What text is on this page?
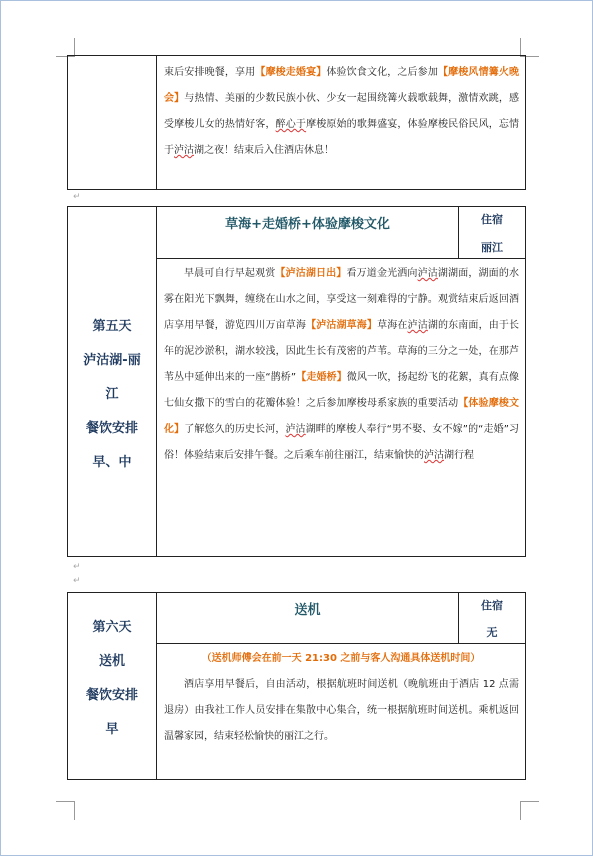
束后安排晚餐，享用【摩梭走婚宴】体验饮食文化，之后参加【摩梭风情篝火晚会】与热情、美丽的少数民族小伙、少女一起围绕篝火载歌载舞，激情欢跳，感受摩梭儿女的热情好客，醉心于摩梭原始的歌舞盛宴，体验摩梭民俗民风，忘情于泸沽湖之夜！结束后入住酒店休息！
↵
第五天
泸沽湖-丽
江
餐饮安排
早、中

草海+走婚桥+体验摩梭文化	住宿
丽江

早晨可自行早起观赏【泸沽湖日出】看万道金光洒向泸沽湖湖面，湖面的水雾在阳光下飘舞，缠绕在山水之间，享受这一刻难得的宁静。观赏结束后返回酒店享用早餐，游览四川万亩草海【泸沽湖草海】草海在泸沽湖的东南面，由于长年的泥沙淤积，湖水较浅，因此生长有茂密的芦苇。草海的三分之一处，在那芦苇丛中延伸出来的一座“鹊桥”【走婚桥】微风一吹，扬起纷飞的花絮，真有点像七仙女撒下的雪白的花瓣体验！之后参加摩梭母系家族的重要活动【体验摩梭文化】了解悠久的历史长河，泸沽湖畔的摩梭人奉行“男不娶、女不嫁”的“走婚”习俗！体验结束后安排午餐。之后乘车前往丽江，结束愉快的泸沽湖行程
↵
↵
第六天
送机
餐饮安排
早

送机	住宿
无

（送机师傅会在前一天 21:30 之前与客人沟通具体送机时间）
酒店享用早餐后，自由活动，根据航班时间送机（晚航班由于酒店 12 点需退房）由我社工作人员安排在集散中心集合，统一根据航班时间送机。乘机返回温馨家园，结束轻松愉快的丽江之行。
